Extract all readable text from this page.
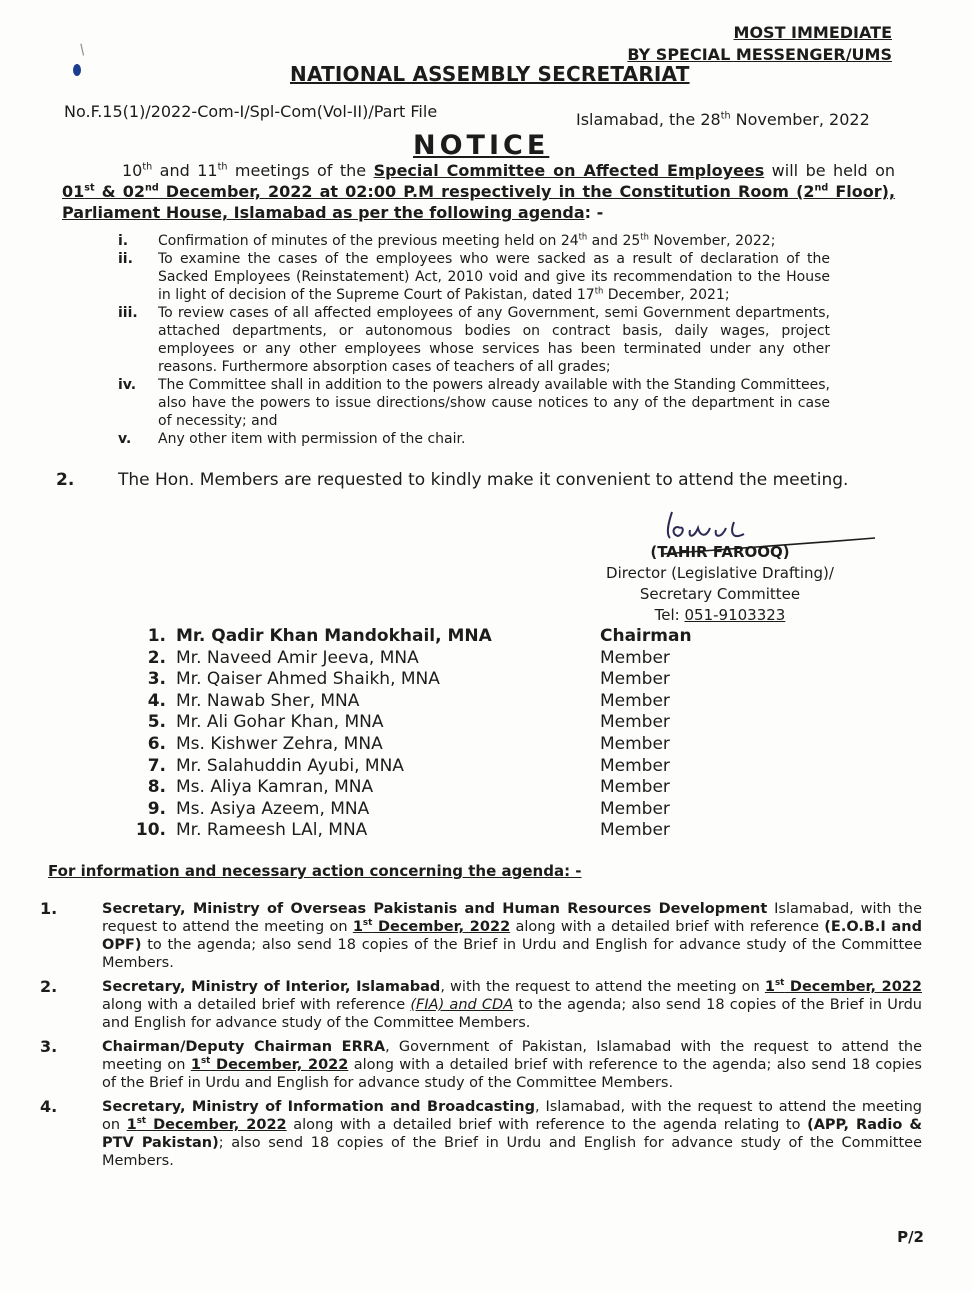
/
MOST IMMEDIATE
BY SPECIAL MESSENGER/UMS
NATIONAL ASSEMBLY SECRETARIAT
No.F.15(1)/2022-Com-I/Spl-Com(Vol-II)/Part File	Islamabad, the 28th November, 2022
NOTICE
10th and 11th meetings of the Special Committee on Affected Employees will be held on 01st & 02nd December, 2022 at 02:00 P.M respectively in the Constitution Room (2nd Floor), Parliament House, Islamabad as per the following agenda: -
i.	Confirmation of minutes of the previous meeting held on 24th and 25th November, 2022;
ii.	To examine the cases of the employees who were sacked as a result of declaration of the Sacked Employees (Reinstatement) Act, 2010 void and give its recommendation to the House in light of decision of the Supreme Court of Pakistan, dated 17th December, 2021;
iii.	To review cases of all affected employees of any Government, semi Government departments, attached departments, or autonomous bodies on contract basis, daily wages, project employees or any other employees whose services has been terminated under any other reasons. Furthermore absorption cases of teachers of all grades;
iv.	The Committee shall in addition to the powers already available with the Standing Committees, also have the powers to issue directions/show cause notices to any of the department in case of necessity; and
v.	Any other item with permission of the chair.
2.	The Hon. Members are requested to kindly make it convenient to attend the meeting.
(TAHIR FAROOQ)
Director (Legislative Drafting)/
Secretary Committee
Tel: 051-9103323
1. Mr. Qadir Khan Mandokhail, MNA	Chairman
2. Mr. Naveed Amir Jeeva, MNA	Member
3. Mr. Qaiser Ahmed Shaikh, MNA	Member
4. Mr. Nawab Sher, MNA	Member
5. Mr. Ali Gohar Khan, MNA	Member
6. Ms. Kishwer Zehra, MNA	Member
7. Mr. Salahuddin Ayubi, MNA	Member
8. Ms. Aliya Kamran, MNA	Member
9. Ms. Asiya Azeem, MNA	Member
10. Mr. Rameesh LAl, MNA	Member
For information and necessary action concerning the agenda: -
1.	Secretary, Ministry of Overseas Pakistanis and Human Resources Development Islamabad, with the request to attend the meeting on 1st December, 2022 along with a detailed brief with reference (E.O.B.I and OPF) to the agenda; also send 18 copies of the Brief in Urdu and English for advance study of the Committee Members.
2.	Secretary, Ministry of Interior, Islamabad, with the request to attend the meeting on 1st December, 2022 along with a detailed brief with reference (FIA) and CDA to the agenda; also send 18 copies of the Brief in Urdu and English for advance study of the Committee Members.
3.	Chairman/Deputy Chairman ERRA, Government of Pakistan, Islamabad with the request to attend the meeting on 1st December, 2022 along with a detailed brief with reference to the agenda; also send 18 copies of the Brief in Urdu and English for advance study of the Committee Members.
4.	Secretary, Ministry of Information and Broadcasting, Islamabad, with the request to attend the meeting on 1st December, 2022 along with a detailed brief with reference to the agenda relating to (APP, Radio & PTV Pakistan); also send 18 copies of the Brief in Urdu and English for advance study of the Committee Members.
P/2
